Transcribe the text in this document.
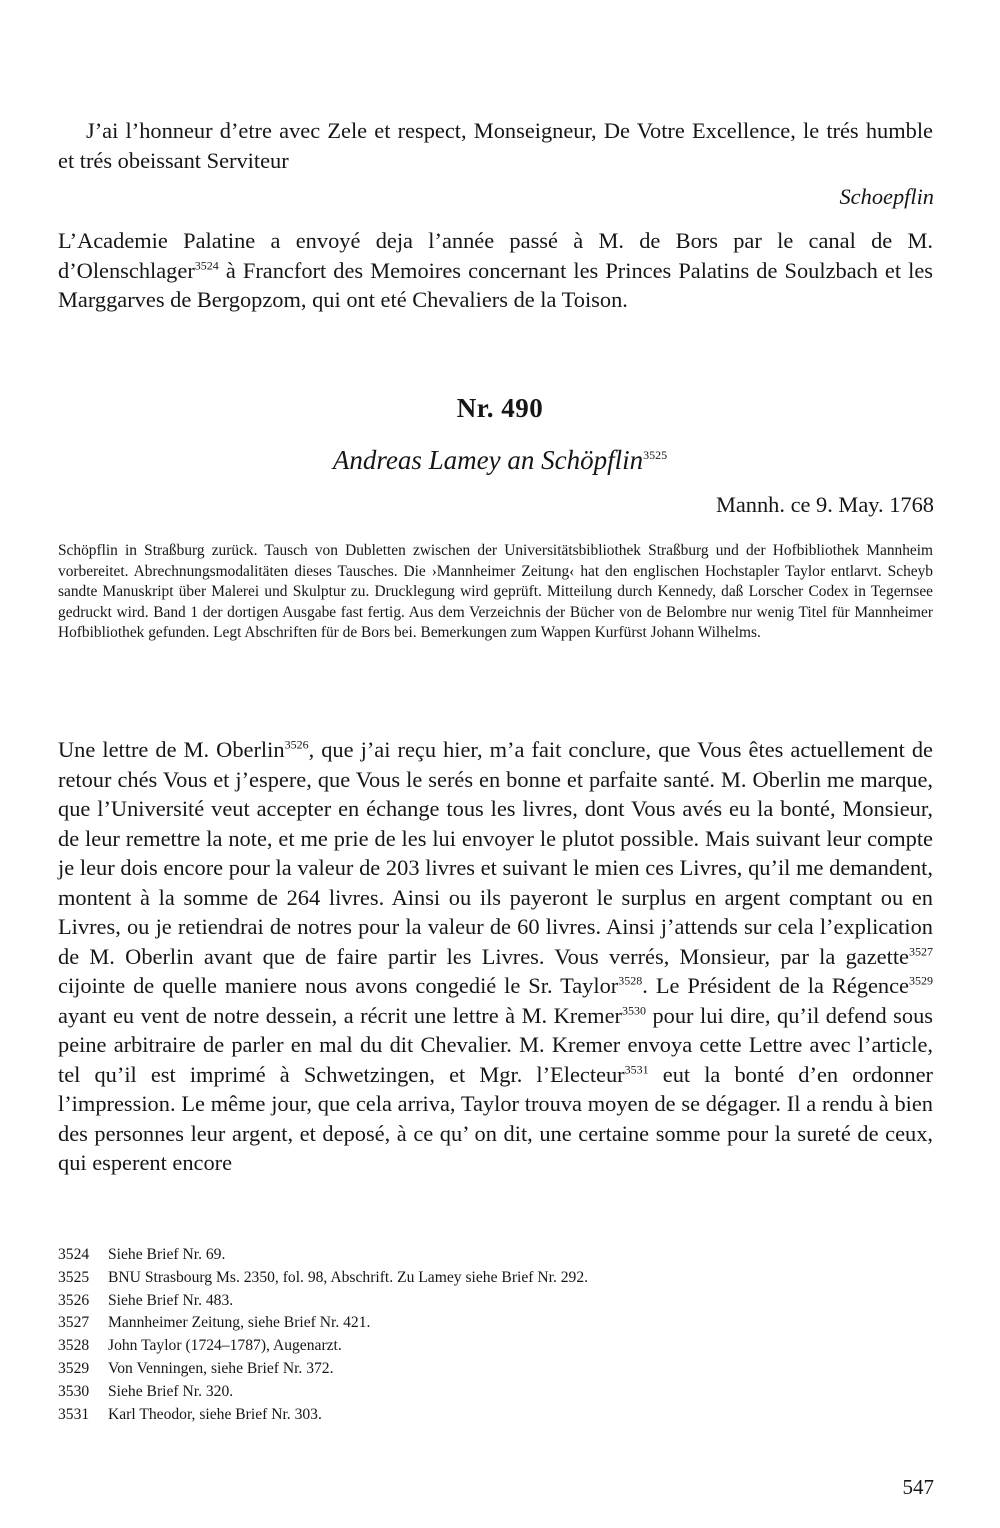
J’ai l’honneur d’etre avec Zele et respect, Monseigneur, De Votre Excellence, le trés humble et trés obeissant Serviteur

Schoepflin

L’Academie Palatine a envoyé deja l’année passé à M. de Bors par le canal de M. d’Olenschlager$^{3524}$ à Francfort des Memoires concernant les Princes Palatins de Soulzbach et les Marggarves de Bergopzom, qui ont eté Chevaliers de la Toison.

Nr. 490
Andreas Lamey an Schöpflin$^{3525}$
Mannh. ce 9. May. 1768

Schöpflin in Straßburg zurück. Tausch von Dubletten zwischen der Universitätsbibliothek Straßburg und der Hofbibliothek Mannheim vorbereitet. Abrechnungsmodalitäten dieses Tausches. Die ›Mannheimer Zeitung‹ hat den englischen Hochstapler Taylor entlarvt. Scheyb sandte Manuskript über Malerei und Skulptur zu. Drucklegung wird geprüft. Mitteilung durch Kennedy, daß Lorscher Codex in Tegernsee gedruckt wird. Band 1 der dortigen Ausgabe fast fertig. Aus dem Verzeichnis der Bücher von de Belombre nur wenig Titel für Mannheimer Hofbibliothek gefunden. Legt Abschriften für de Bors bei. Bemerkungen zum Wappen Kurfürst Johann Wilhelms.

Une lettre de M. Oberlin$^{3526}$, que j’ai reçu hier, m’a fait conclure, que Vous êtes actuellement de retour chés Vous et j’espere, que Vous le serés en bonne et parfaite santé. M. Oberlin me marque, que l’Université veut accepter en échange tous les livres, dont Vous avés eu la bonté, Monsieur, de leur remettre la note, et me prie de les lui envoyer le plutot possible. Mais suivant leur compte je leur dois encore pour la valeur de 203 livres et suivant le mien ces Livres, qu’il me demandent, montent à la somme de 264 livres. Ainsi ou ils payeront le surplus en argent comptant ou en Livres, ou je retiendrai de notres pour la valeur de 60 livres. Ainsi j’attends sur cela l’explication de M. Oberlin avant que de faire partir les Livres. Vous verrés, Monsieur, par la gazette$^{3527}$ cijointe de quelle maniere nous avons congedié le Sr. Taylor$^{3528}$. Le Président de la Régence$^{3529}$ ayant eu vent de notre dessein, a récrit une lettre à M. Kremer$^{3530}$ pour lui dire, qu’il defend sous peine arbitraire de parler en mal du dit Chevalier. M. Kremer envoya cette Lettre avec l’article, tel qu’il est imprimé à Schwetzingen, et Mgr. l’Electeur$^{3531}$ eut la bonté d’en ordonner l’impression. Le même jour, que cela arriva, Taylor trouva moyen de se dégager. Il a rendu à bien des personnes leur argent, et deposé, à ce qu’ on dit, une certaine somme pour la sureté de ceux, qui esperent encore

3524 Siehe Brief Nr. 69.
3525 BNU Strasbourg Ms. 2350, fol. 98, Abschrift. Zu Lamey siehe Brief Nr. 292.
3526 Siehe Brief Nr. 483.
3527 Mannheimer Zeitung, siehe Brief Nr. 421.
3528 John Taylor (1724–1787), Augenarzt.
3529 Von Venningen, siehe Brief Nr. 372.
3530 Siehe Brief Nr. 320.
3531 Karl Theodor, siehe Brief Nr. 303.
547
